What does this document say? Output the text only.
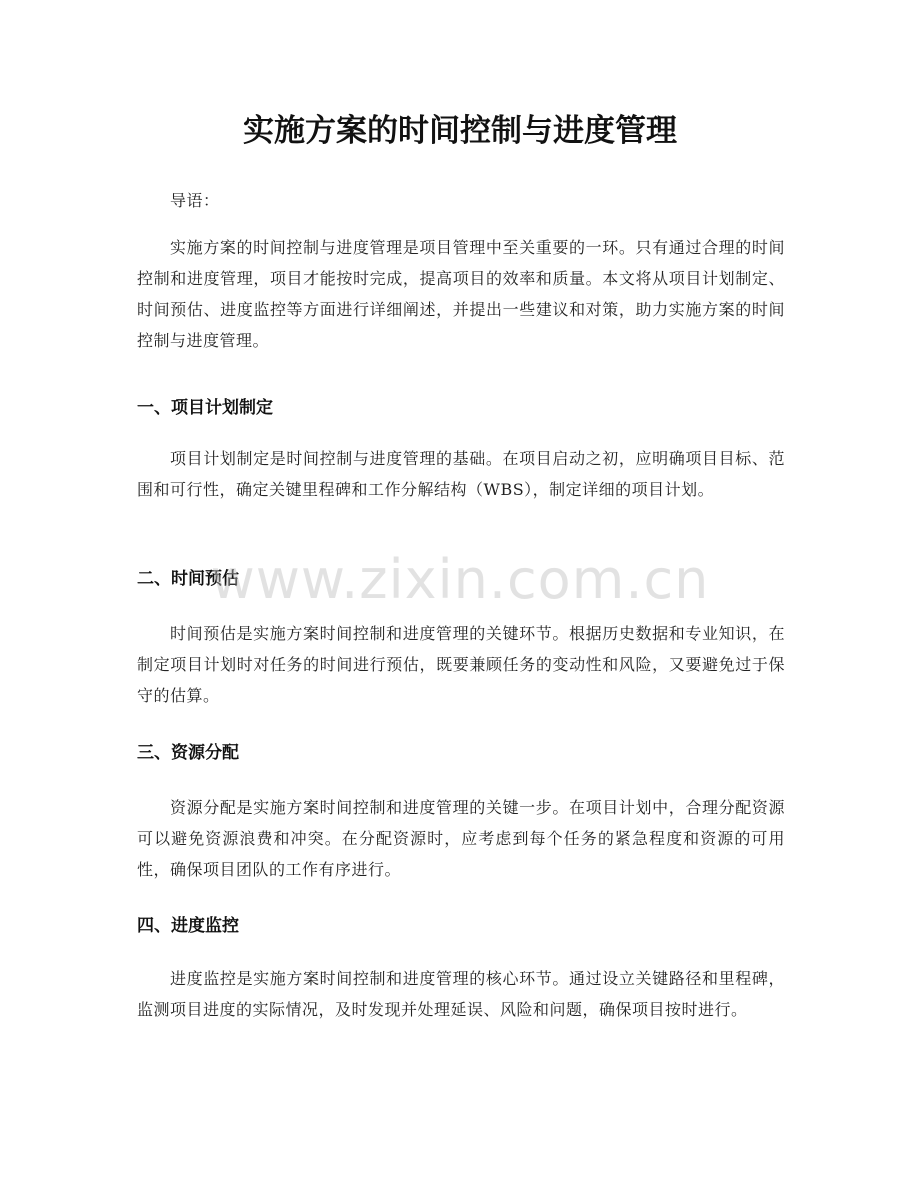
实施方案的时间控制与进度管理

导语：

实施方案的时间控制与进度管理是项目管理中至关重要的一环。只有通过合理的时间控制和进度管理，项目才能按时完成，提高项目的效率和质量。本文将从项目计划制定、时间预估、进度监控等方面进行详细阐述，并提出一些建议和对策，助力实施方案的时间控制与进度管理。

一、项目计划制定

项目计划制定是时间控制与进度管理的基础。在项目启动之初，应明确项目目标、范围和可行性，确定关键里程碑和工作分解结构（WBS），制定详细的项目计划。

二、时间预估

时间预估是实施方案时间控制和进度管理的关键环节。根据历史数据和专业知识，在制定项目计划时对任务的时间进行预估，既要兼顾任务的变动性和风险，又要避免过于保守的估算。

三、资源分配

资源分配是实施方案时间控制和进度管理的关键一步。在项目计划中，合理分配资源可以避免资源浪费和冲突。在分配资源时，应考虑到每个任务的紧急程度和资源的可用性，确保项目团队的工作有序进行。

四、进度监控

进度监控是实施方案时间控制和进度管理的核心环节。通过设立关键路径和里程碑，监测项目进度的实际情况，及时发现并处理延误、风险和问题，确保项目按时进行。

www.zixin.com.cn
